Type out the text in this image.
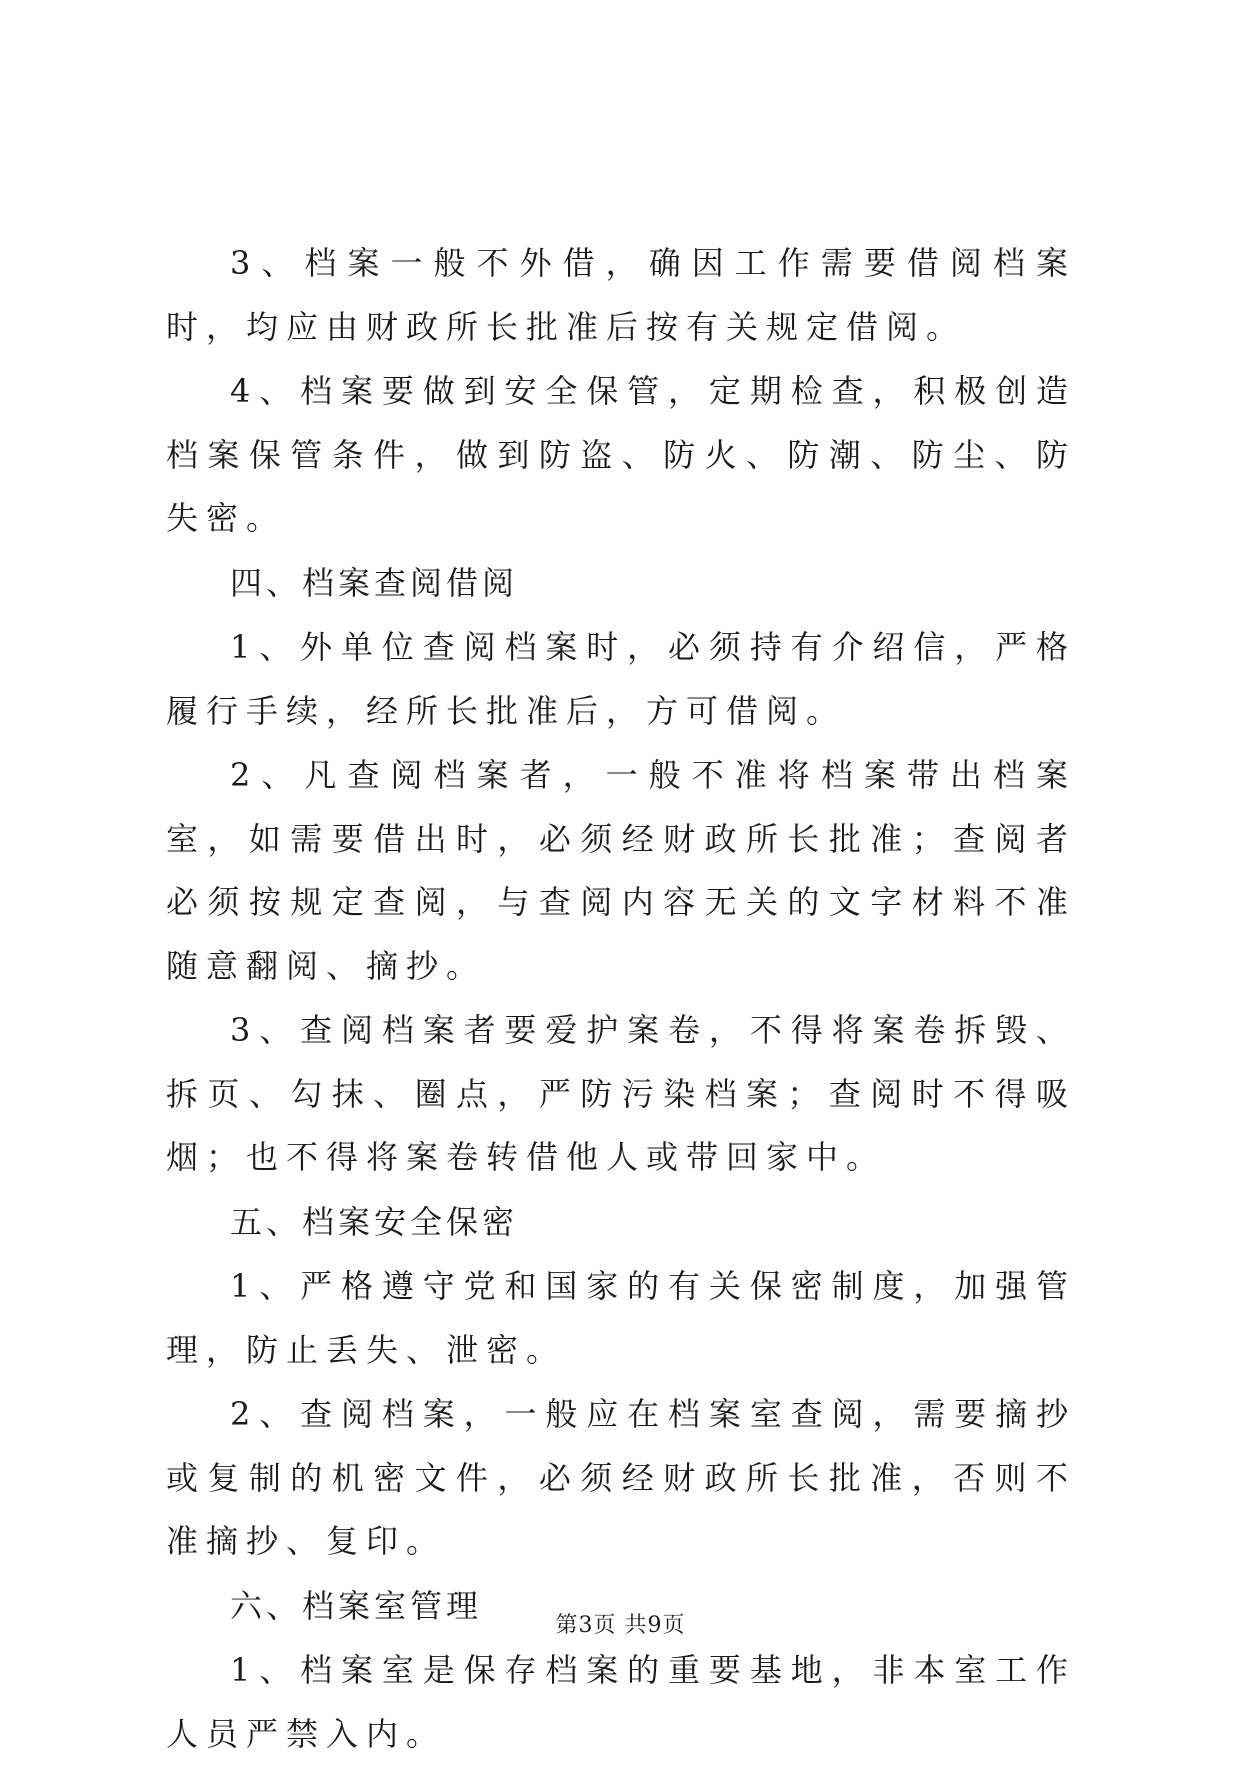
3、档案一般不外借，确因工作需要借阅档案时，均应由财政所长批准后按有关规定借阅。

4、档案要做到安全保管，定期检查，积极创造档案保管条件，做到防盗、防火、防潮、防尘、防失密。

四、档案查阅借阅

1、外单位查阅档案时，必须持有介绍信，严格履行手续，经所长批准后，方可借阅。

2、凡查阅档案者，一般不准将档案带出档案室，如需要借出时，必须经财政所长批准；查阅者必须按规定查阅，与查阅内容无关的文字材料不准随意翻阅、摘抄。

3、查阅档案者要爱护案卷，不得将案卷拆毁、拆页、勾抹、圈点，严防污染档案；查阅时不得吸烟；也不得将案卷转借他人或带回家中。

五、档案安全保密

1、严格遵守党和国家的有关保密制度，加强管理，防止丢失、泄密。

2、查阅档案，一般应在档案室查阅，需要摘抄或复制的机密文件，必须经财政所长批准，否则不准摘抄、复印。

六、档案室管理

1、档案室是保存档案的重要基地，非本室工作人员严禁入内。

第3页 共9页
